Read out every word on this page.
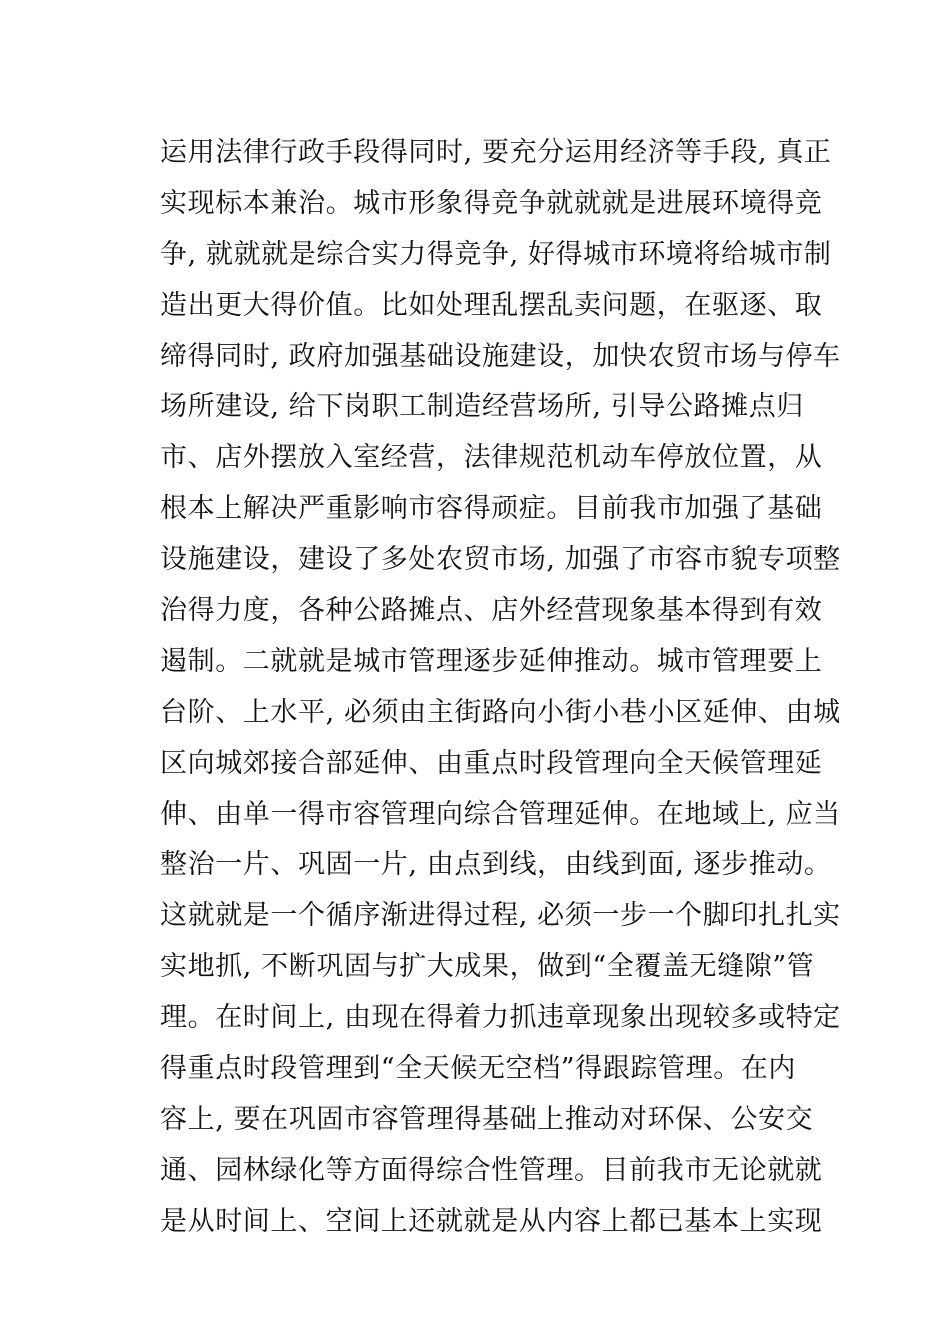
运用法律行政手段得同时, 要充分运用经济等手段, 真正
实现标本兼治。城市形象得竞争就就就是进展环境得竞
争, 就就就是综合实力得竞争, 好得城市环境将给城市制
造出更大得价值。比如处理乱摆乱卖问题，在驱逐、取
缔得同时, 政府加强基础设施建设，加快农贸市场与停车
场所建设, 给下岗职工制造经营场所, 引导公路摊点归
市、店外摆放入室经营，法律规范机动车停放位置，从
根本上解决严重影响市容得顽症。目前我市加强了基础
设施建设，建设了多处农贸市场, 加强了市容市貌专项整
治得力度，各种公路摊点、店外经营现象基本得到有效
遏制。二就就是城市管理逐步延伸推动。城市管理要上
台阶、上水平, 必须由主街路向小街小巷小区延伸、由城
区向城郊接合部延伸、由重点时段管理向全天候管理延
伸、由单一得市容管理向综合管理延伸。在地域上, 应当
整治一片、巩固一片, 由点到线，由线到面, 逐步推动。
这就就是一个循序渐进得过程, 必须一步一个脚印扎扎实
实地抓, 不断巩固与扩大成果，做到“全覆盖无缝隙”管
理。在时间上, 由现在得着力抓违章现象出现较多或特定
得重点时段管理到“全天候无空档”得跟踪管理。在内
容上, 要在巩固市容管理得基础上推动对环保、公安交
通、园林绿化等方面得综合性管理。目前我市无论就就
是从时间上、空间上还就就是从内容上都已基本上实现
